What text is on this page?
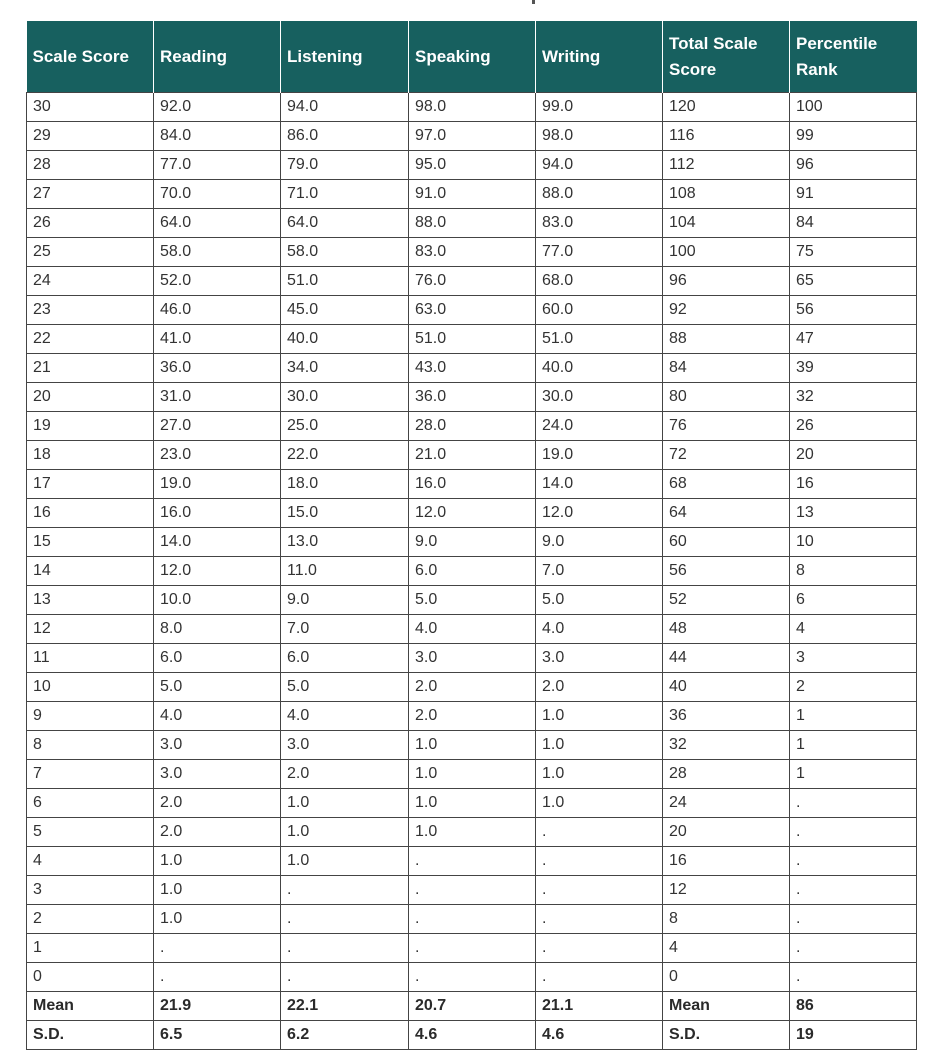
Scale Score	Reading	Listening	Speaking	Writing	Total Scale Score	Percentile Rank
30	92.0	94.0	98.0	99.0	120	100
29	84.0	86.0	97.0	98.0	116	99
28	77.0	79.0	95.0	94.0	112	96
27	70.0	71.0	91.0	88.0	108	91
26	64.0	64.0	88.0	83.0	104	84
25	58.0	58.0	83.0	77.0	100	75
24	52.0	51.0	76.0	68.0	96	65
23	46.0	45.0	63.0	60.0	92	56
22	41.0	40.0	51.0	51.0	88	47
21	36.0	34.0	43.0	40.0	84	39
20	31.0	30.0	36.0	30.0	80	32
19	27.0	25.0	28.0	24.0	76	26
18	23.0	22.0	21.0	19.0	72	20
17	19.0	18.0	16.0	14.0	68	16
16	16.0	15.0	12.0	12.0	64	13
15	14.0	13.0	9.0	9.0	60	10
14	12.0	11.0	6.0	7.0	56	8
13	10.0	9.0	5.0	5.0	52	6
12	8.0	7.0	4.0	4.0	48	4
11	6.0	6.0	3.0	3.0	44	3
10	5.0	5.0	2.0	2.0	40	2
9	4.0	4.0	2.0	1.0	36	1
8	3.0	3.0	1.0	1.0	32	1
7	3.0	2.0	1.0	1.0	28	1
6	2.0	1.0	1.0	1.0	24	.
5	2.0	1.0	1.0	.	20	.
4	1.0	1.0	.	.	16	.
3	1.0	.	.	.	12	.
2	1.0	.	.	.	8	.
1	.	.	.	.	4	.
0	.	.	.	.	0	.
Mean	21.9	22.1	20.7	21.1	Mean	86
S.D.	6.5	6.2	4.6	4.6	S.D.	19
